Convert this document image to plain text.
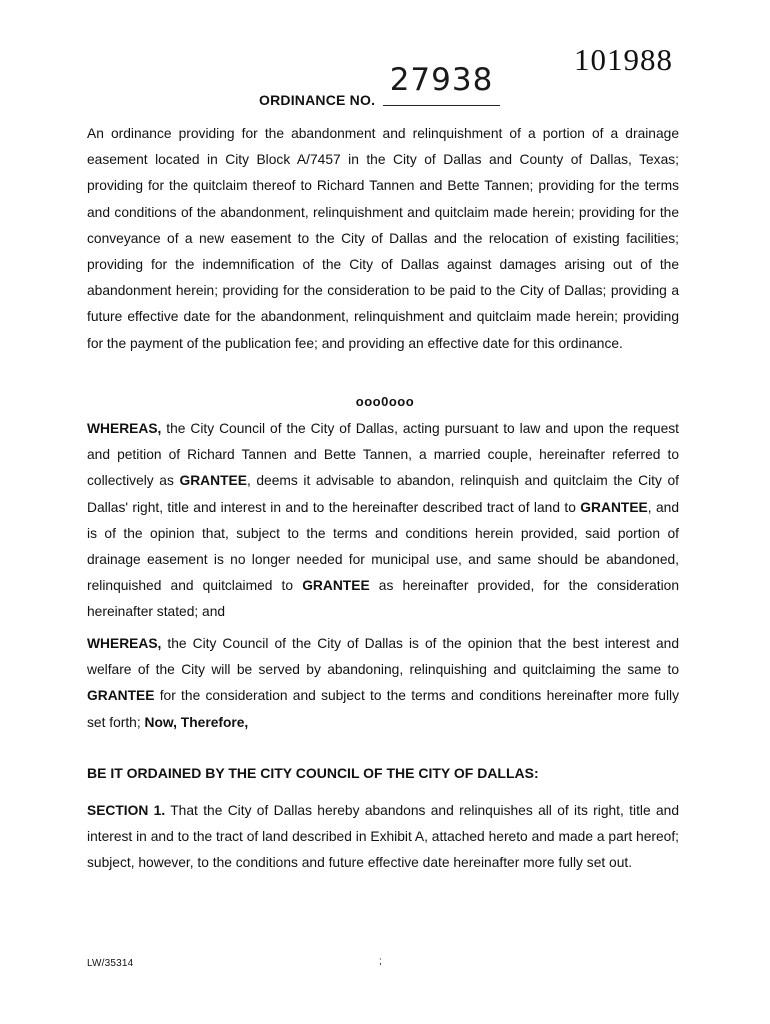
101988
ORDINANCE NO.
27938
An ordinance providing for the abandonment and relinquishment of a portion of a drainage easement located in City Block A/7457 in the City of Dallas and County of Dallas, Texas; providing for the quitclaim thereof to Richard Tannen and Bette Tannen; providing for the terms and conditions of the abandonment, relinquishment and quitclaim made herein; providing for the conveyance of a new easement to the City of Dallas and the relocation of existing facilities; providing for the indemnification of the City of Dallas against damages arising out of the abandonment herein; providing for the consideration to be paid to the City of Dallas; providing a future effective date for the abandonment, relinquishment and quitclaim made herein; providing for the payment of the publication fee; and providing an effective date for this ordinance.
ooo0ooo
WHEREAS, the City Council of the City of Dallas, acting pursuant to law and upon the request and petition of Richard Tannen and Bette Tannen, a married couple, hereinafter referred to collectively as GRANTEE, deems it advisable to abandon, relinquish and quitclaim the City of Dallas' right, title and interest in and to the hereinafter described tract of land to GRANTEE, and is of the opinion that, subject to the terms and conditions herein provided, said portion of drainage easement is no longer needed for municipal use, and same should be abandoned, relinquished and quitclaimed to GRANTEE as hereinafter provided, for the consideration hereinafter stated; and
WHEREAS, the City Council of the City of Dallas is of the opinion that the best interest and welfare of the City will be served by abandoning, relinquishing and quitclaiming the same to GRANTEE for the consideration and subject to the terms and conditions hereinafter more fully set forth; Now, Therefore,
BE IT ORDAINED BY THE CITY COUNCIL OF THE CITY OF DALLAS:
SECTION 1. That the City of Dallas hereby abandons and relinquishes all of its right, title and interest in and to the tract of land described in Exhibit A, attached hereto and made a part hereof; subject, however, to the conditions and future effective date hereinafter more fully set out.
LW/35314	;
